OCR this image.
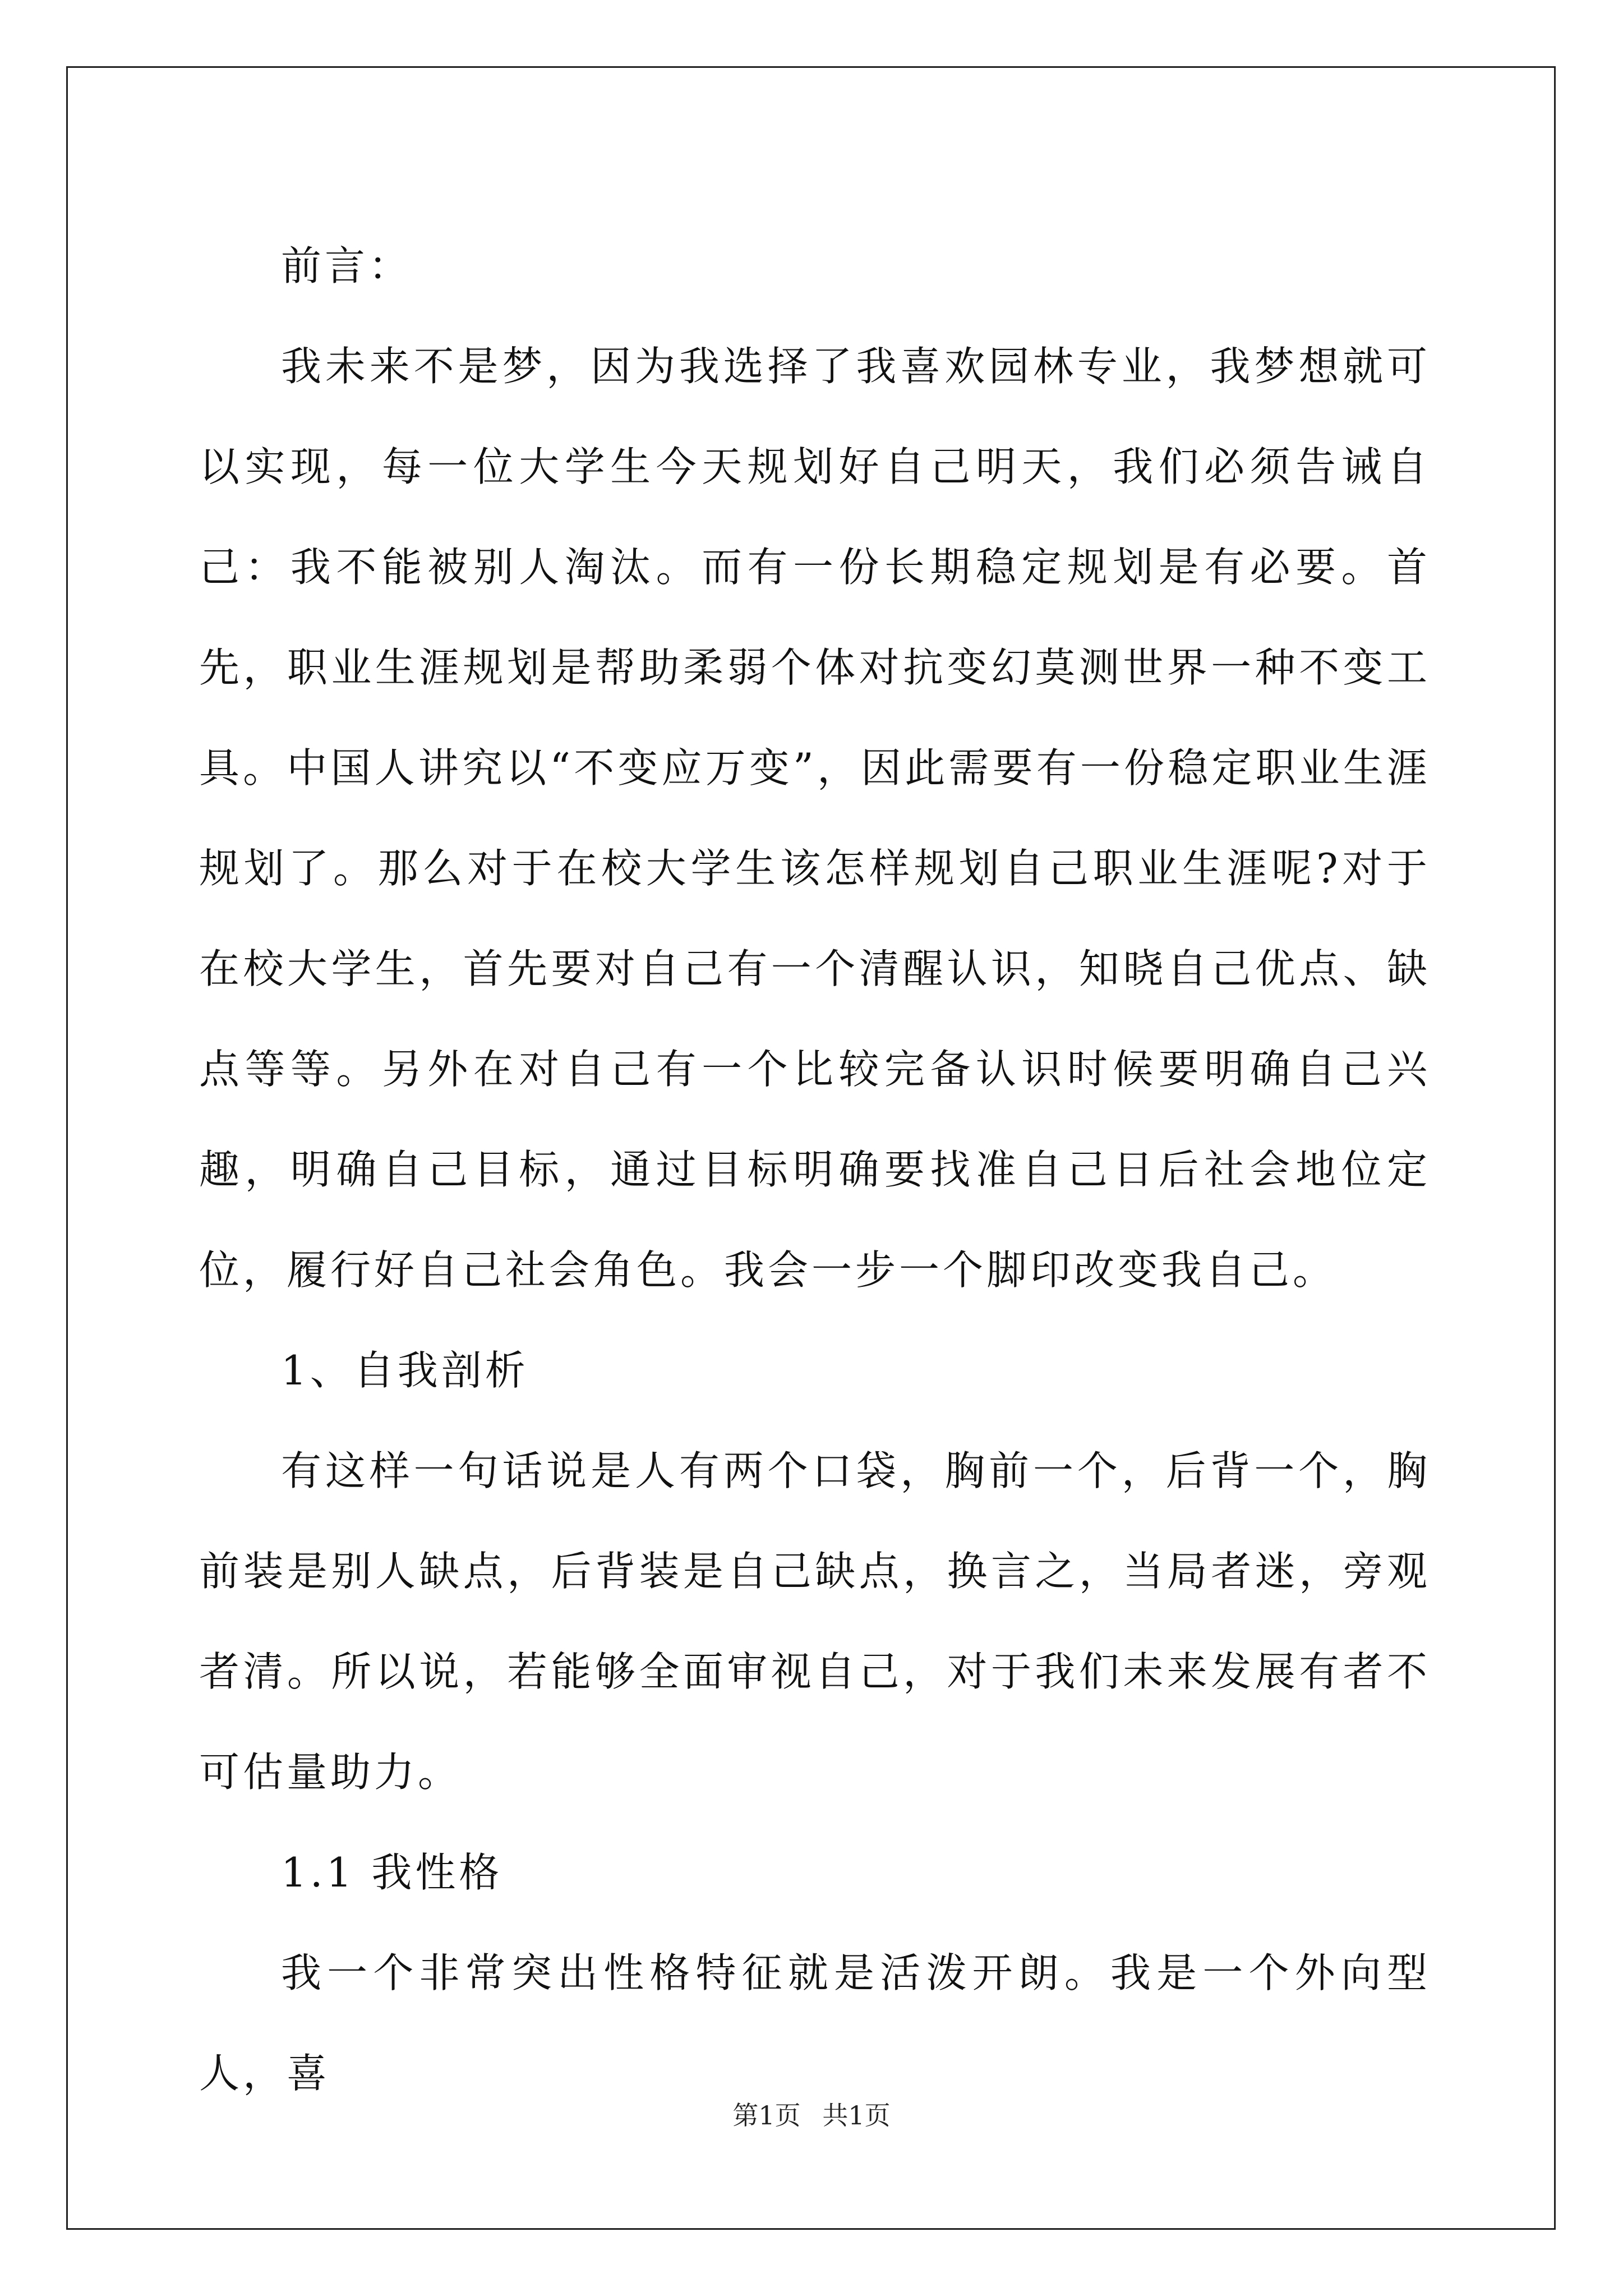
前言：

我未来不是梦，因为我选择了我喜欢园林专业，我梦想就可以实现，每一位大学生今天规划好自己明天，我们必须告诫自己：我不能被别人淘汰。而有一份长期稳定规划是有必要。首先，职业生涯规划是帮助柔弱个体对抗变幻莫测世界一种不变工具。中国人讲究以“不变应万变”，因此需要有一份稳定职业生涯规划了。那么对于在校大学生该怎样规划自己职业生涯呢?对于在校大学生，首先要对自己有一个清醒认识，知晓自己优点、缺点等等。另外在对自己有一个比较完备认识时候要明确自己兴趣，明确自己目标，通过目标明确要找准自己日后社会地位定位，履行好自己社会角色。我会一步一个脚印改变我自己。

1、自我剖析

有这样一句话说是人有两个口袋，胸前一个，后背一个，胸前装是别人缺点，后背装是自己缺点，换言之，当局者迷，旁观者清。所以说，若能够全面审视自己，对于我们未来发展有者不可估量助力。

1.1 我性格

我一个非常突出性格特征就是活泼开朗。我是一个外向型人，喜

第1页 共1页
